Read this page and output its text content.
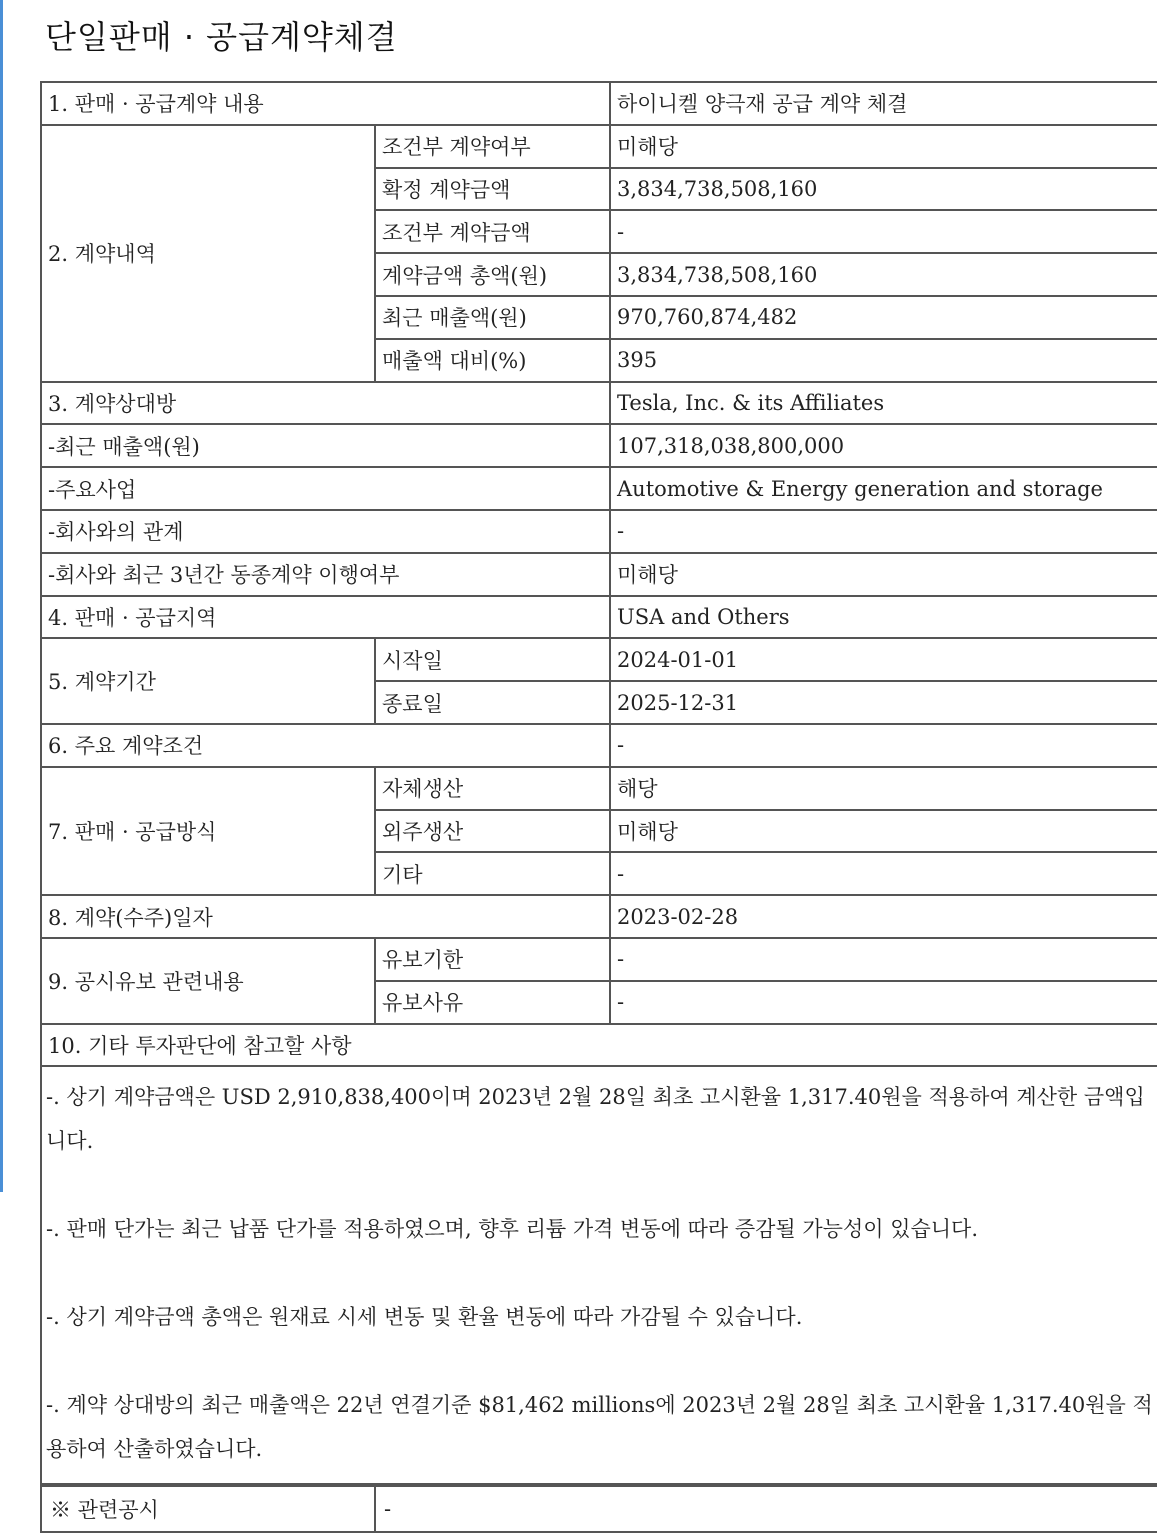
단일판매 · 공급계약체결
1. 판매 · 공급계약 내용		하이니켈 양극재 공급 계약 체결
2. 계약내역	조건부 계약여부	미해당
	확정 계약금액	3,834,738,508,160
	조건부 계약금액	-
	계약금액 총액(원)	3,834,738,508,160
	최근 매출액(원)	970,760,874,482
	매출액 대비(%)	395
3. 계약상대방		Tesla, Inc. & its Affiliates
-최근 매출액(원)		107,318,038,800,000
-주요사업		Automotive & Energy generation and storage
-회사와의 관계		-
-회사와 최근 3년간 동종계약 이행여부		미해당
4. 판매 · 공급지역		USA and Others
5. 계약기간	시작일	2024-01-01
	종료일	2025-12-31
6. 주요 계약조건		-
7. 판매 · 공급방식	자체생산	해당
	외주생산	미해당
	기타	-
8. 계약(수주)일자		2023-02-28
9. 공시유보 관련내용	유보기한	-
	유보사유	-
10. 기타 투자판단에 참고할 사항		

-. 상기 계약금액은 USD 2,910,838,400이며 2023년 2월 28일 최초 고시환율 1,317.40원을 적용하여 계산한 금액입니다.

-. 판매 단가는 최근 납품 단가를 적용하였으며, 향후 리튬 가격 변동에 따라 증감될 가능성이 있습니다.

-. 상기 계약금액 총액은 원재료 시세 변동 및 환율 변동에 따라 가감될 수 있습니다.

-. 계약 상대방의 최근 매출액은 22년 연결기준 $81,462 millions에 2023년 2월 28일 최초 고시환율 1,317.40원을 적용하여 산출하였습니다.		

※ 관련공시	-
